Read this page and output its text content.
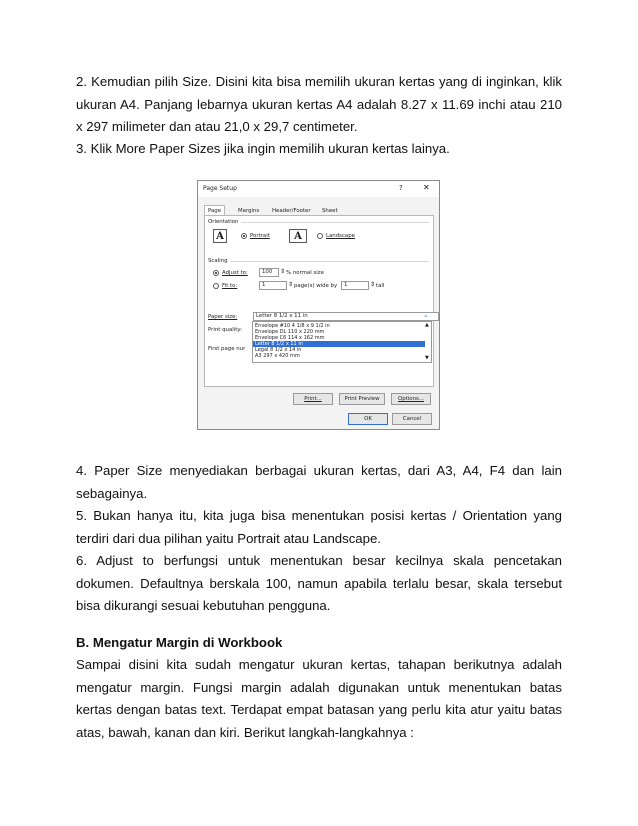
2. Kemudian pilih Size. Disini kita bisa memilih ukuran kertas yang di inginkan, klik ukuran A4. Panjang lebarnya ukuran kertas A4 adalah 8.27 x 11.69 inchi atau 210 x 297 milimeter dan atau 21,0 x 29,7 centimeter.

3. Klik More Paper Sizes jika ingin memilih ukuran kertas lainya.

Page Setup	?	✕
Page	Margins	Header/Footer	Sheet
Orientation
A	Portrait	A	Landscape
Scaling
Adjust to:	100	⇕ % normal size
Fit to:	1	⇕ page(s) wide by	1	⇕ tall
Paper size:	Letter 8 1/2 x 11 in	⌄
Print quality:
First page nur
Envelope #10 4 1/8 x 9 1/2 in
Envelope DL 110 x 220 mm
Envelope C6 114 x 162 mm
Letter 8 1/2 x 11 in
Legal 8 1/2 x 14 in
A3 297 x 420 mm
▲
▼
Print...	Print Preview	Options...
OK	Cancel

4. Paper Size menyediakan berbagai ukuran kertas, dari A3, A4, F4 dan lain sebagainya.

5. Bukan hanya itu, kita juga bisa menentukan posisi kertas / Orientation yang terdiri dari dua pilihan yaitu Portrait atau Landscape.

6. Adjust to berfungsi untuk menentukan besar kecilnya skala pencetakan dokumen. Defaultnya berskala 100, namun apabila terlalu besar, skala tersebut bisa dikurangi sesuai kebutuhan pengguna.

B. Mengatur Margin di Workbook

Sampai disini kita sudah mengatur ukuran kertas, tahapan berikutnya adalah mengatur margin. Fungsi margin adalah digunakan untuk menentukan batas kertas dengan batas text. Terdapat empat batasan yang perlu kita atur yaitu batas atas, bawah, kanan dan kiri. Berikut langkah-langkahnya :
